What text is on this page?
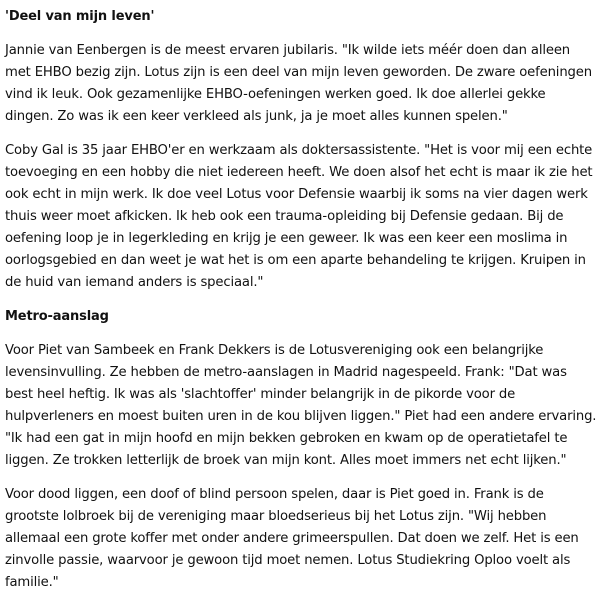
'Deel van mijn leven'

Jannie van Eenbergen is de meest ervaren jubilaris. "Ik wilde iets méér doen dan alleen met EHBO bezig zijn. Lotus zijn is een deel van mijn leven geworden. De zware oefeningen vind ik leuk. Ook gezamenlijke EHBO-oefeningen werken goed. Ik doe allerlei gekke dingen. Zo was ik een keer verkleed als junk, ja je moet alles kunnen spelen."

Coby Gal is 35 jaar EHBO'er en werkzaam als doktersassistente. "Het is voor mij een echte toevoeging en een hobby die niet iedereen heeft. We doen alsof het echt is maar ik zie het ook echt in mijn werk. Ik doe veel Lotus voor Defensie waarbij ik soms na vier dagen werk thuis weer moet afkicken. Ik heb ook een trauma-opleiding bij Defensie gedaan. Bij de oefening loop je in legerkleding en krijg je een geweer. Ik was een keer een moslima in oorlogsgebied en dan weet je wat het is om een aparte behandeling te krijgen. Kruipen in de huid van iemand anders is speciaal."

Metro-aanslag

Voor Piet van Sambeek en Frank Dekkers is de Lotusvereniging ook een belangrijke levensinvulling. Ze hebben de metro-aanslagen in Madrid nagespeeld. Frank: "Dat was best heel heftig. Ik was als 'slachtoffer' minder belangrijk in de pikorde voor de hulpverleners en moest buiten uren in de kou blijven liggen." Piet had een andere ervaring. "Ik had een gat in mijn hoofd en mijn bekken gebroken en kwam op de operatietafel te liggen. Ze trokken letterlijk de broek van mijn kont. Alles moet immers net echt lijken."

Voor dood liggen, een doof of blind persoon spelen, daar is Piet goed in. Frank is de grootste lolbroek bij de vereniging maar bloedserieus bij het Lotus zijn. "Wij hebben allemaal een grote koffer met onder andere grimeerspullen. Dat doen we zelf. Het is een zinvolle passie, waarvoor je gewoon tijd moet nemen. Lotus Studiekring Oploo voelt als familie."
